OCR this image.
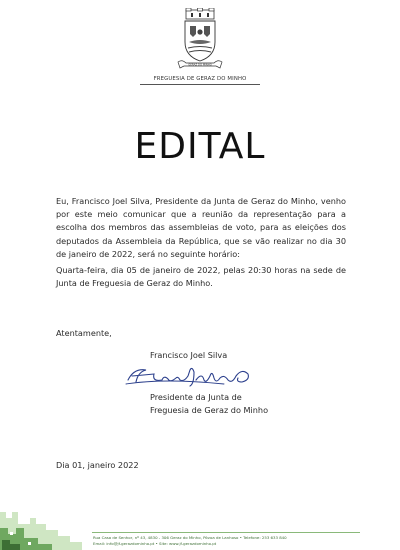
GERAZ DO MINHO
FREGUESIA DE GERAZ DO MINHO
EDITAL
Eu, Francisco Joel Silva, Presidente da Junta de Geraz do Minho, venho por este meio comunicar que a reunião da representação para a escolha dos membros das assembleias de voto, para as eleições dos deputados da Assembleia da República, que se vão realizar no dia 30 de janeiro de 2022, será no seguinte horário:
Quarta-feira, dia 05 de janeiro de 2022, pelas 20:30 horas na sede de Junta de Freguesia de Geraz do Minho.
Atentamente,
Francisco Joel Silva
Presidente da Junta de
Freguesia de Geraz do Minho
Dia 01, janeiro 2022
Rua Casa de Senhor, nº 43, 4830 - 306 Geraz do Minho, Póvoa de Lanhoso • Telefone: 253 633 840
Email: info@jf-gerazdominho.pt • Site: www.jf-gerazdominho.pt
